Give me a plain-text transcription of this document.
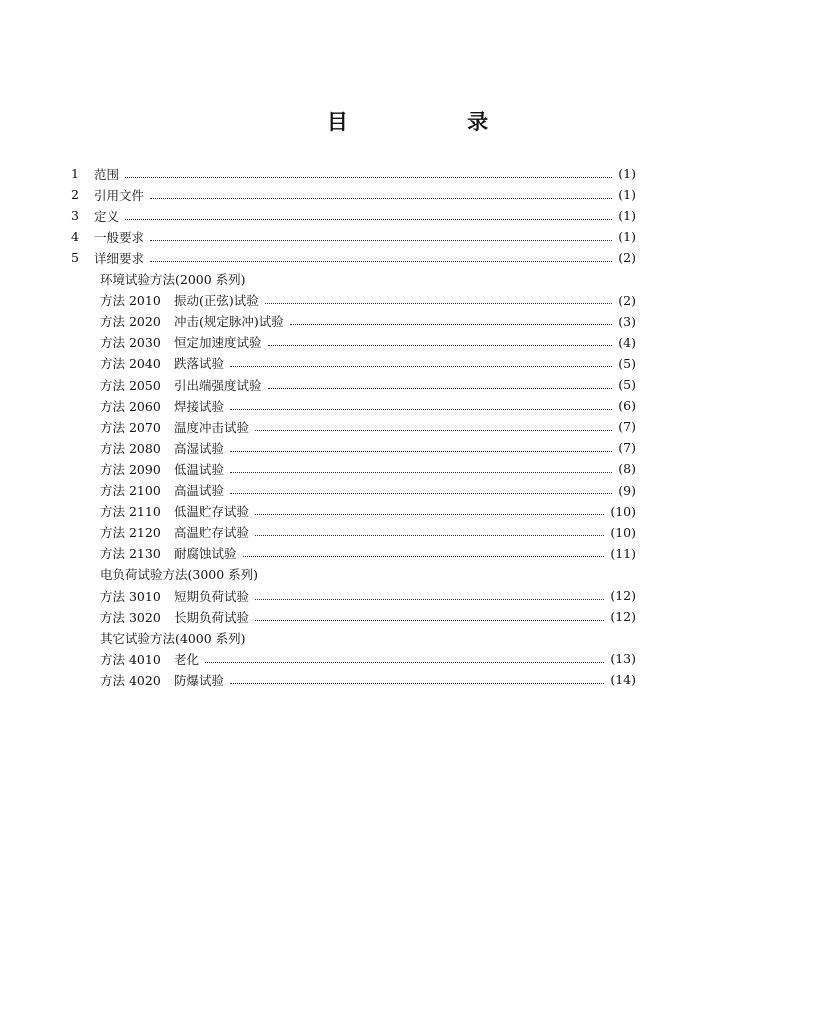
目 录
1	范围	(1)
2	引用文件	(1)
3	定义	(1)
4	一般要求	(1)
5	详细要求	(2)
环境试验方法(2000 系列)
方法 2010	振动(正弦)试验	(2)
方法 2020	冲击(规定脉冲)试验	(3)
方法 2030	恒定加速度试验	(4)
方法 2040	跌落试验	(5)
方法 2050	引出端强度试验	(5)
方法 2060	焊接试验	(6)
方法 2070	温度冲击试验	(7)
方法 2080	高湿试验	(7)
方法 2090	低温试验	(8)
方法 2100	高温试验	(9)
方法 2110	低温贮存试验	(10)
方法 2120	高温贮存试验	(10)
方法 2130	耐腐蚀试验	(11)
电负荷试验方法(3000 系列)
方法 3010	短期负荷试验	(12)
方法 3020	长期负荷试验	(12)
其它试验方法(4000 系列)
方法 4010	老化	(13)
方法 4020	防爆试验	(14)
